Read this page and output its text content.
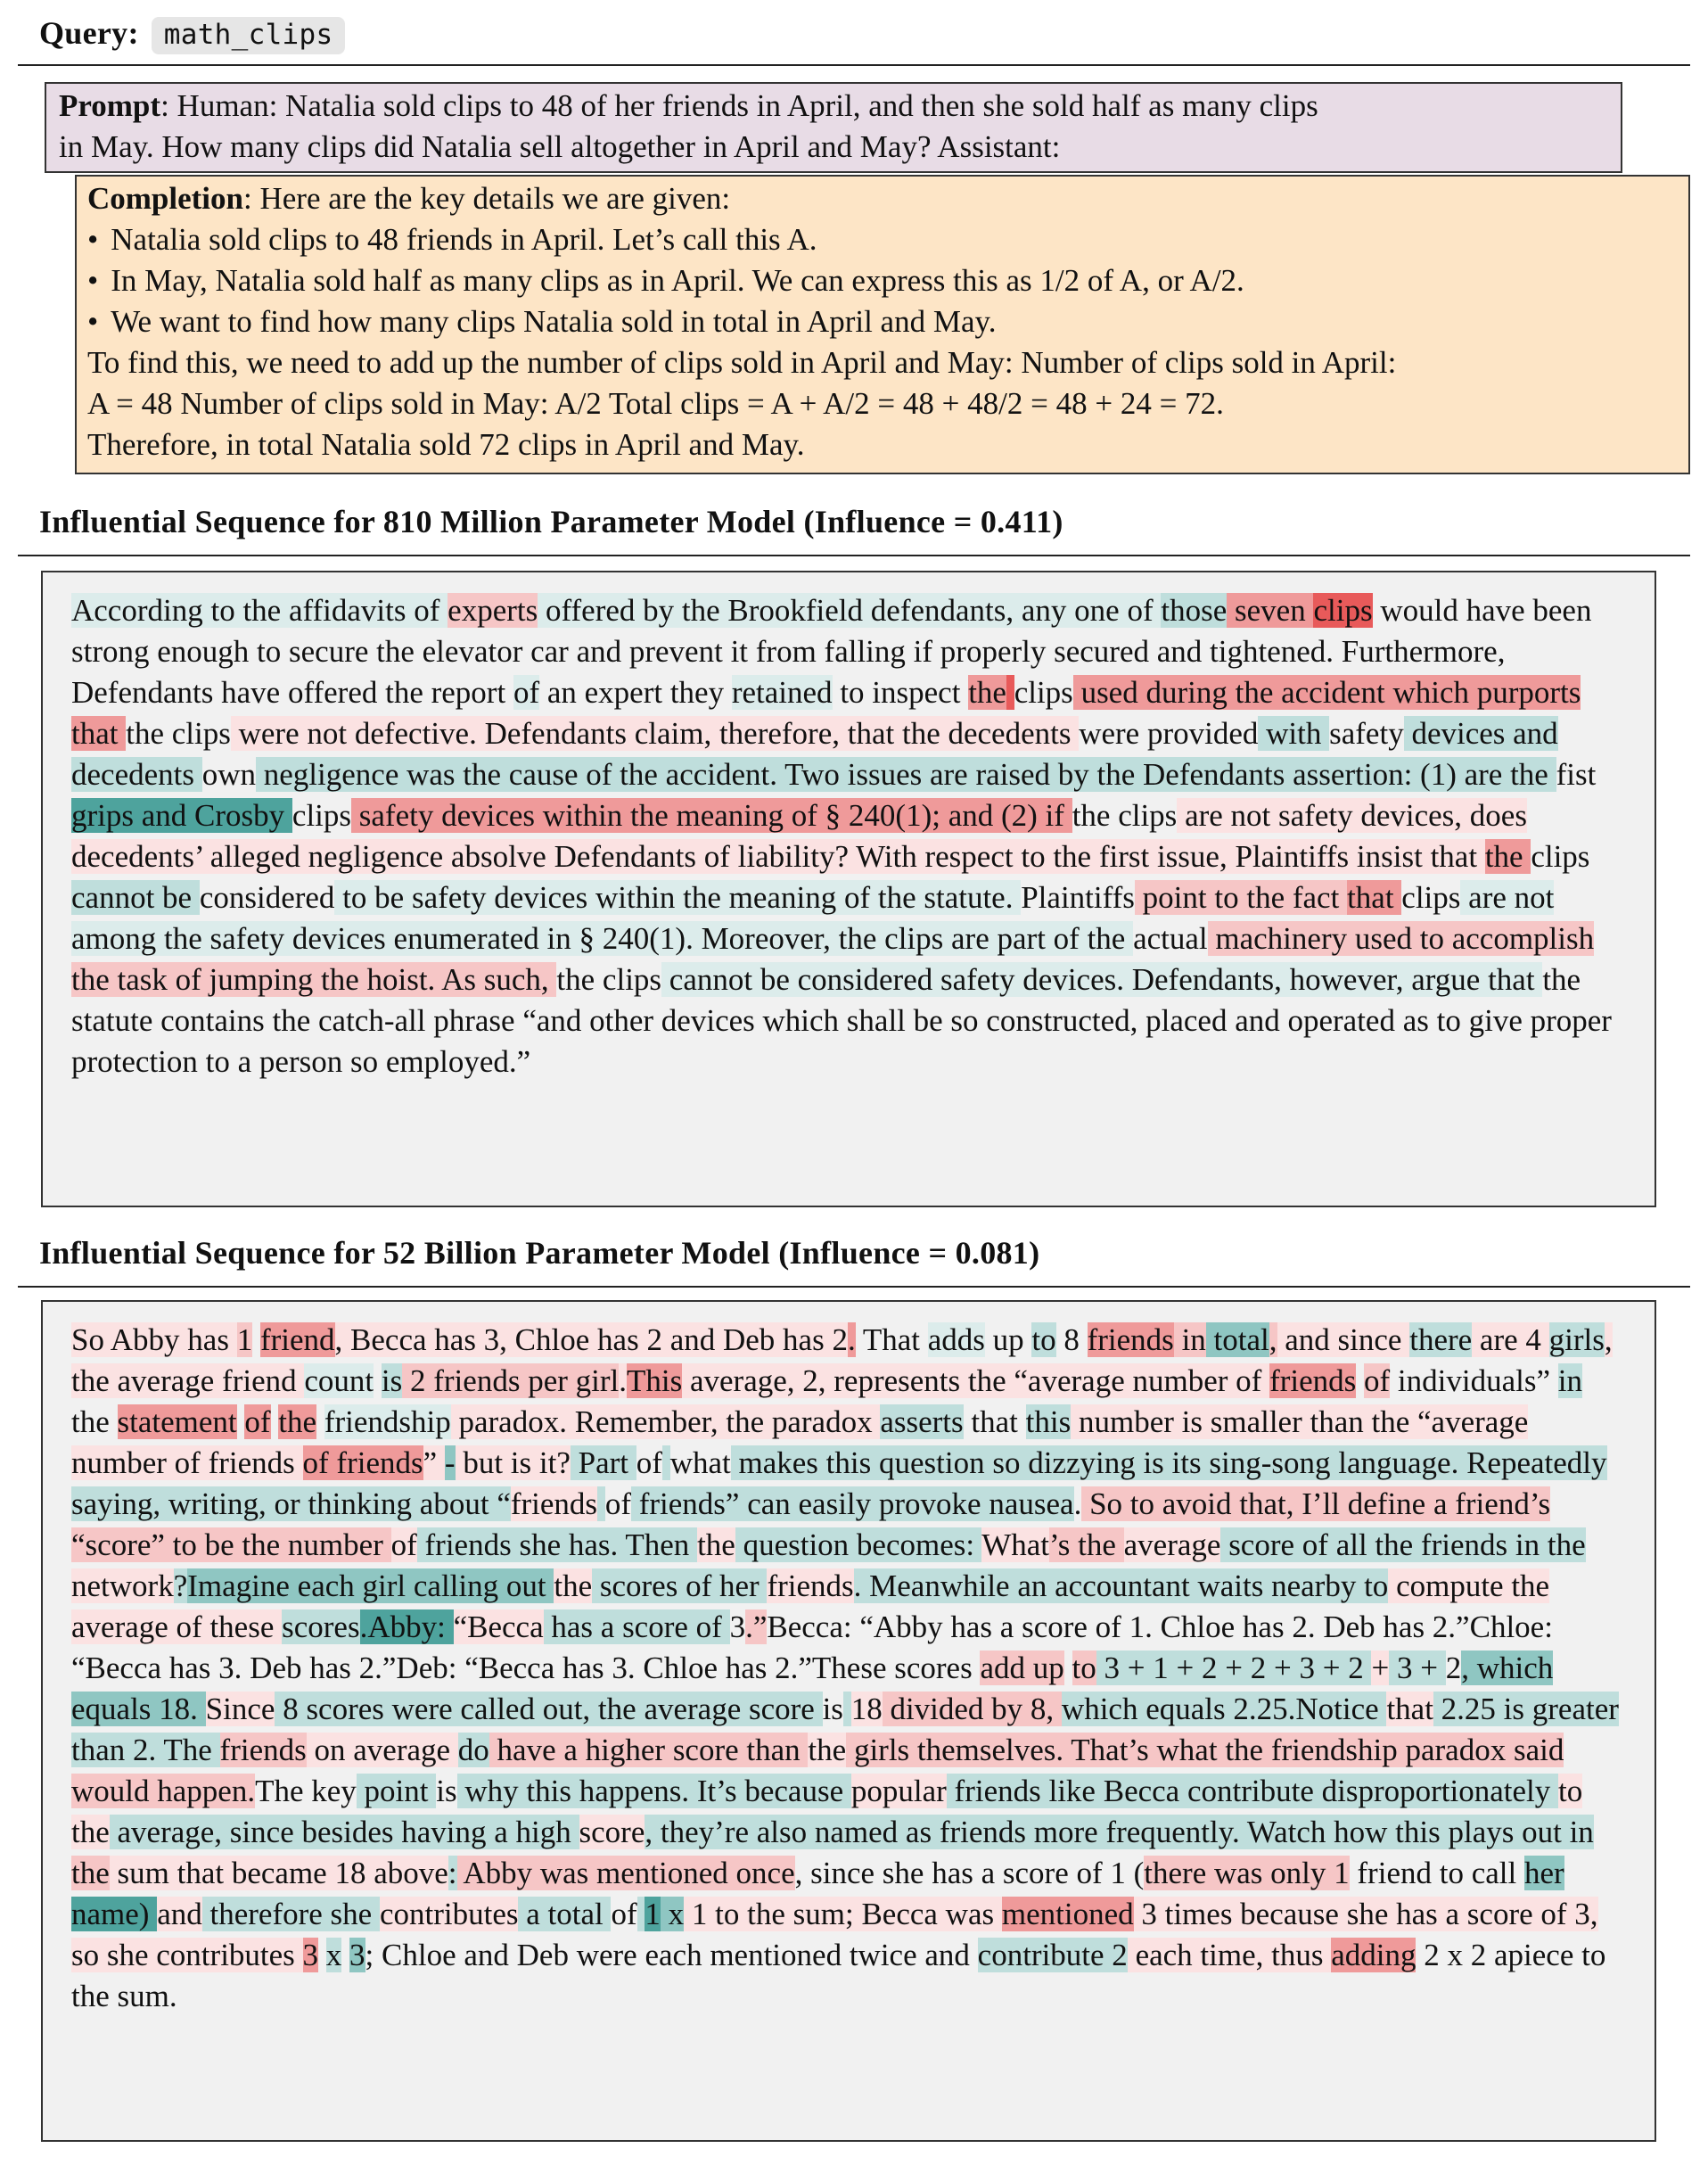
Query: math_clips
Prompt: Human: Natalia sold clips to 48 of her friends in April, and then she sold half as many clips
in May. How many clips did Natalia sell altogether in April and May? Assistant:
Completion: Here are the key details we are given:
• Natalia sold clips to 48 friends in April. Let’s call this A.
• In May, Natalia sold half as many clips as in April. We can express this as 1/2 of A, or A/2.
• We want to find how many clips Natalia sold in total in April and May.
To find this, we need to add up the number of clips sold in April and May: Number of clips sold in April:
A = 48 Number of clips sold in May: A/2 Total clips = A + A/2 = 48 + 48/2 = 48 + 24 = 72.
Therefore, in total Natalia sold 72 clips in April and May.
Influential Sequence for 810 Million Parameter Model (Influence = 0.411)

According to the affidavits of experts offered by the Brookfield defendants, any one of those seven clips would have been strong enough to secure the elevator car and prevent it from falling if properly secured and tightened. Furthermore, Defendants have offered the report of an expert they retained to inspect the clips used during the accident which purports that the clips were not defective. Defendants claim, therefore, that the decedents were provided with safety devices and decedents own negligence was the cause of the accident. Two issues are raised by the Defendants assertion: (1) are the fist grips and Crosby clips safety devices within the meaning of § 240(1); and (2) if the clips are not safety devices, does decedents’ alleged negligence absolve Defendants of liability? With respect to the first issue, Plaintiffs insist that the clips cannot be considered to be safety devices within the meaning of the statute. Plaintiffs point to the fact that clips are not among the safety devices enumerated in § 240(1). Moreover, the clips are part of the actual machinery used to accomplish the task of jumping the hoist. As such, the clips cannot be considered safety devices. Defendants, however, argue that the statute contains the catch-all phrase “and other devices which shall be so constructed, placed and operated as to give proper protection to a person so employed.”

Influential Sequence for 52 Billion Parameter Model (Influence = 0.081)

So Abby has 1 friend, Becca has 3, Chloe has 2 and Deb has 2. That adds up to 8 friends in total, and since there are 4 girls, the average friend count is 2 friends per girl.This average, 2, represents the “average number of friends of individuals” in the statement of the friendship paradox. Remember, the paradox asserts that this number is smaller than the “average number of friends of friends” - but is it? Part of what makes this question so dizzying is its sing-song language. Repeatedly saying, writing, or thinking about “friends of friends” can easily provoke nausea. So to avoid that, I’ll define a friend’s “score” to be the number of friends she has. Then the question becomes: What’s the average score of all the friends in the network?Imagine each girl calling out the scores of her friends. Meanwhile an accountant waits nearby to compute the average of these scores.Abby: “Becca has a score of 3.”Becca: “Abby has a score of 1. Chloe has 2. Deb has 2.”Chloe: “Becca has 3. Deb has 2.”Deb: “Becca has 3. Chloe has 2.”These scores add up to 3 + 1 + 2 + 2 + 3 + 2 + 3 + 2, which equals 18. Since 8 scores were called out, the average score is 18 divided by 8, which equals 2.25.Notice that 2.25 is greater than 2. The friends on average do have a higher score than the girls themselves. That’s what the friendship paradox said would happen.The key point is why this happens. It’s because popular friends like Becca contribute disproportionately to the average, since besides having a high score, they’re also named as friends more frequently. Watch how this plays out in the sum that became 18 above: Abby was mentioned once, since she has a score of 1 (there was only 1 friend to call her name) and therefore she contributes a total of 1 x 1 to the sum; Becca was mentioned 3 times because she has a score of 3, so she contributes 3 x 3; Chloe and Deb were each mentioned twice and contribute 2 each time, thus adding 2 x 2 apiece to the sum.
